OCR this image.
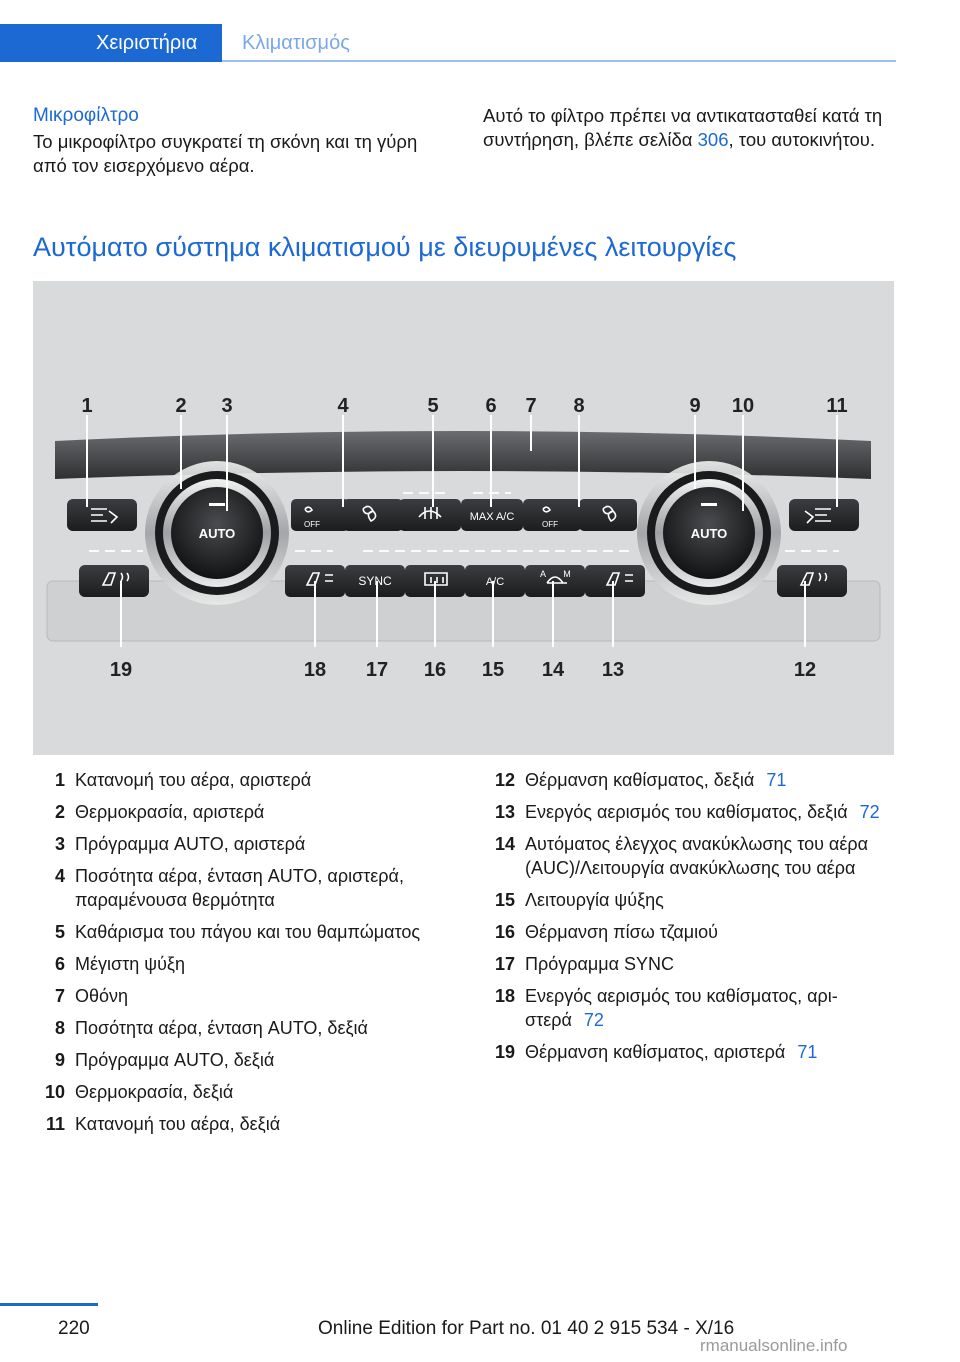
Χειριστήρια	Κλιματισμός
Μικροφίλτρο
Το μικροφίλτρο συγκρατεί τη σκόνη και τη γύρη από τον εισερχόμενο αέρα.
Αυτό το φίλτρο πρέπει να αντικατασταθεί κατά τη συντήρηση, βλέπε σελίδα 306, του αυτοκινήτου.
Αυτόματο σύστημα κλιματισμού με διευρυμένες λειτουργίες
AUTO	AUTO
OFF	OFF
MAX A/C
SYNC	A/C
A M
1	2 3	4	5 6 7 8	9 10	11
19	18 17 16 15 14 13	12
1 Κατανομή του αέρα, αριστερά
2 Θερμοκρασία, αριστερά
3 Πρόγραμμα AUTO, αριστερά
4 Ποσότητα αέρα, ένταση AUTO, αριστερά, παραμένουσα θερμότητα
5 Καθάρισμα του πάγου και του θαμπώματος
6 Μέγιστη ψύξη
7 Οθόνη
8 Ποσότητα αέρα, ένταση AUTO, δεξιά
9 Πρόγραμμα AUTO, δεξιά
10 Θερμοκρασία, δεξιά
11 Κατανομή του αέρα, δεξιά
12 Θέρμανση καθίσματος, δεξιά 71
13 Ενεργός αερισμός του καθίσματος, δεξιά 72
14 Αυτόματος έλεγχος ανακύκλωσης του αέρα (AUC)/Λειτουργία ανακύκλωσης του αέρα
15 Λειτουργία ψύξης
16 Θέρμανση πίσω τζαμιού
17 Πρόγραμμα SYNC
18 Ενεργός αερισμός του καθίσματος, αριστερά 72
19 Θέρμανση καθίσματος, αριστερά 71
220	Online Edition for Part no. 01 40 2 915 534 - X/16
rmanualsonline.info
